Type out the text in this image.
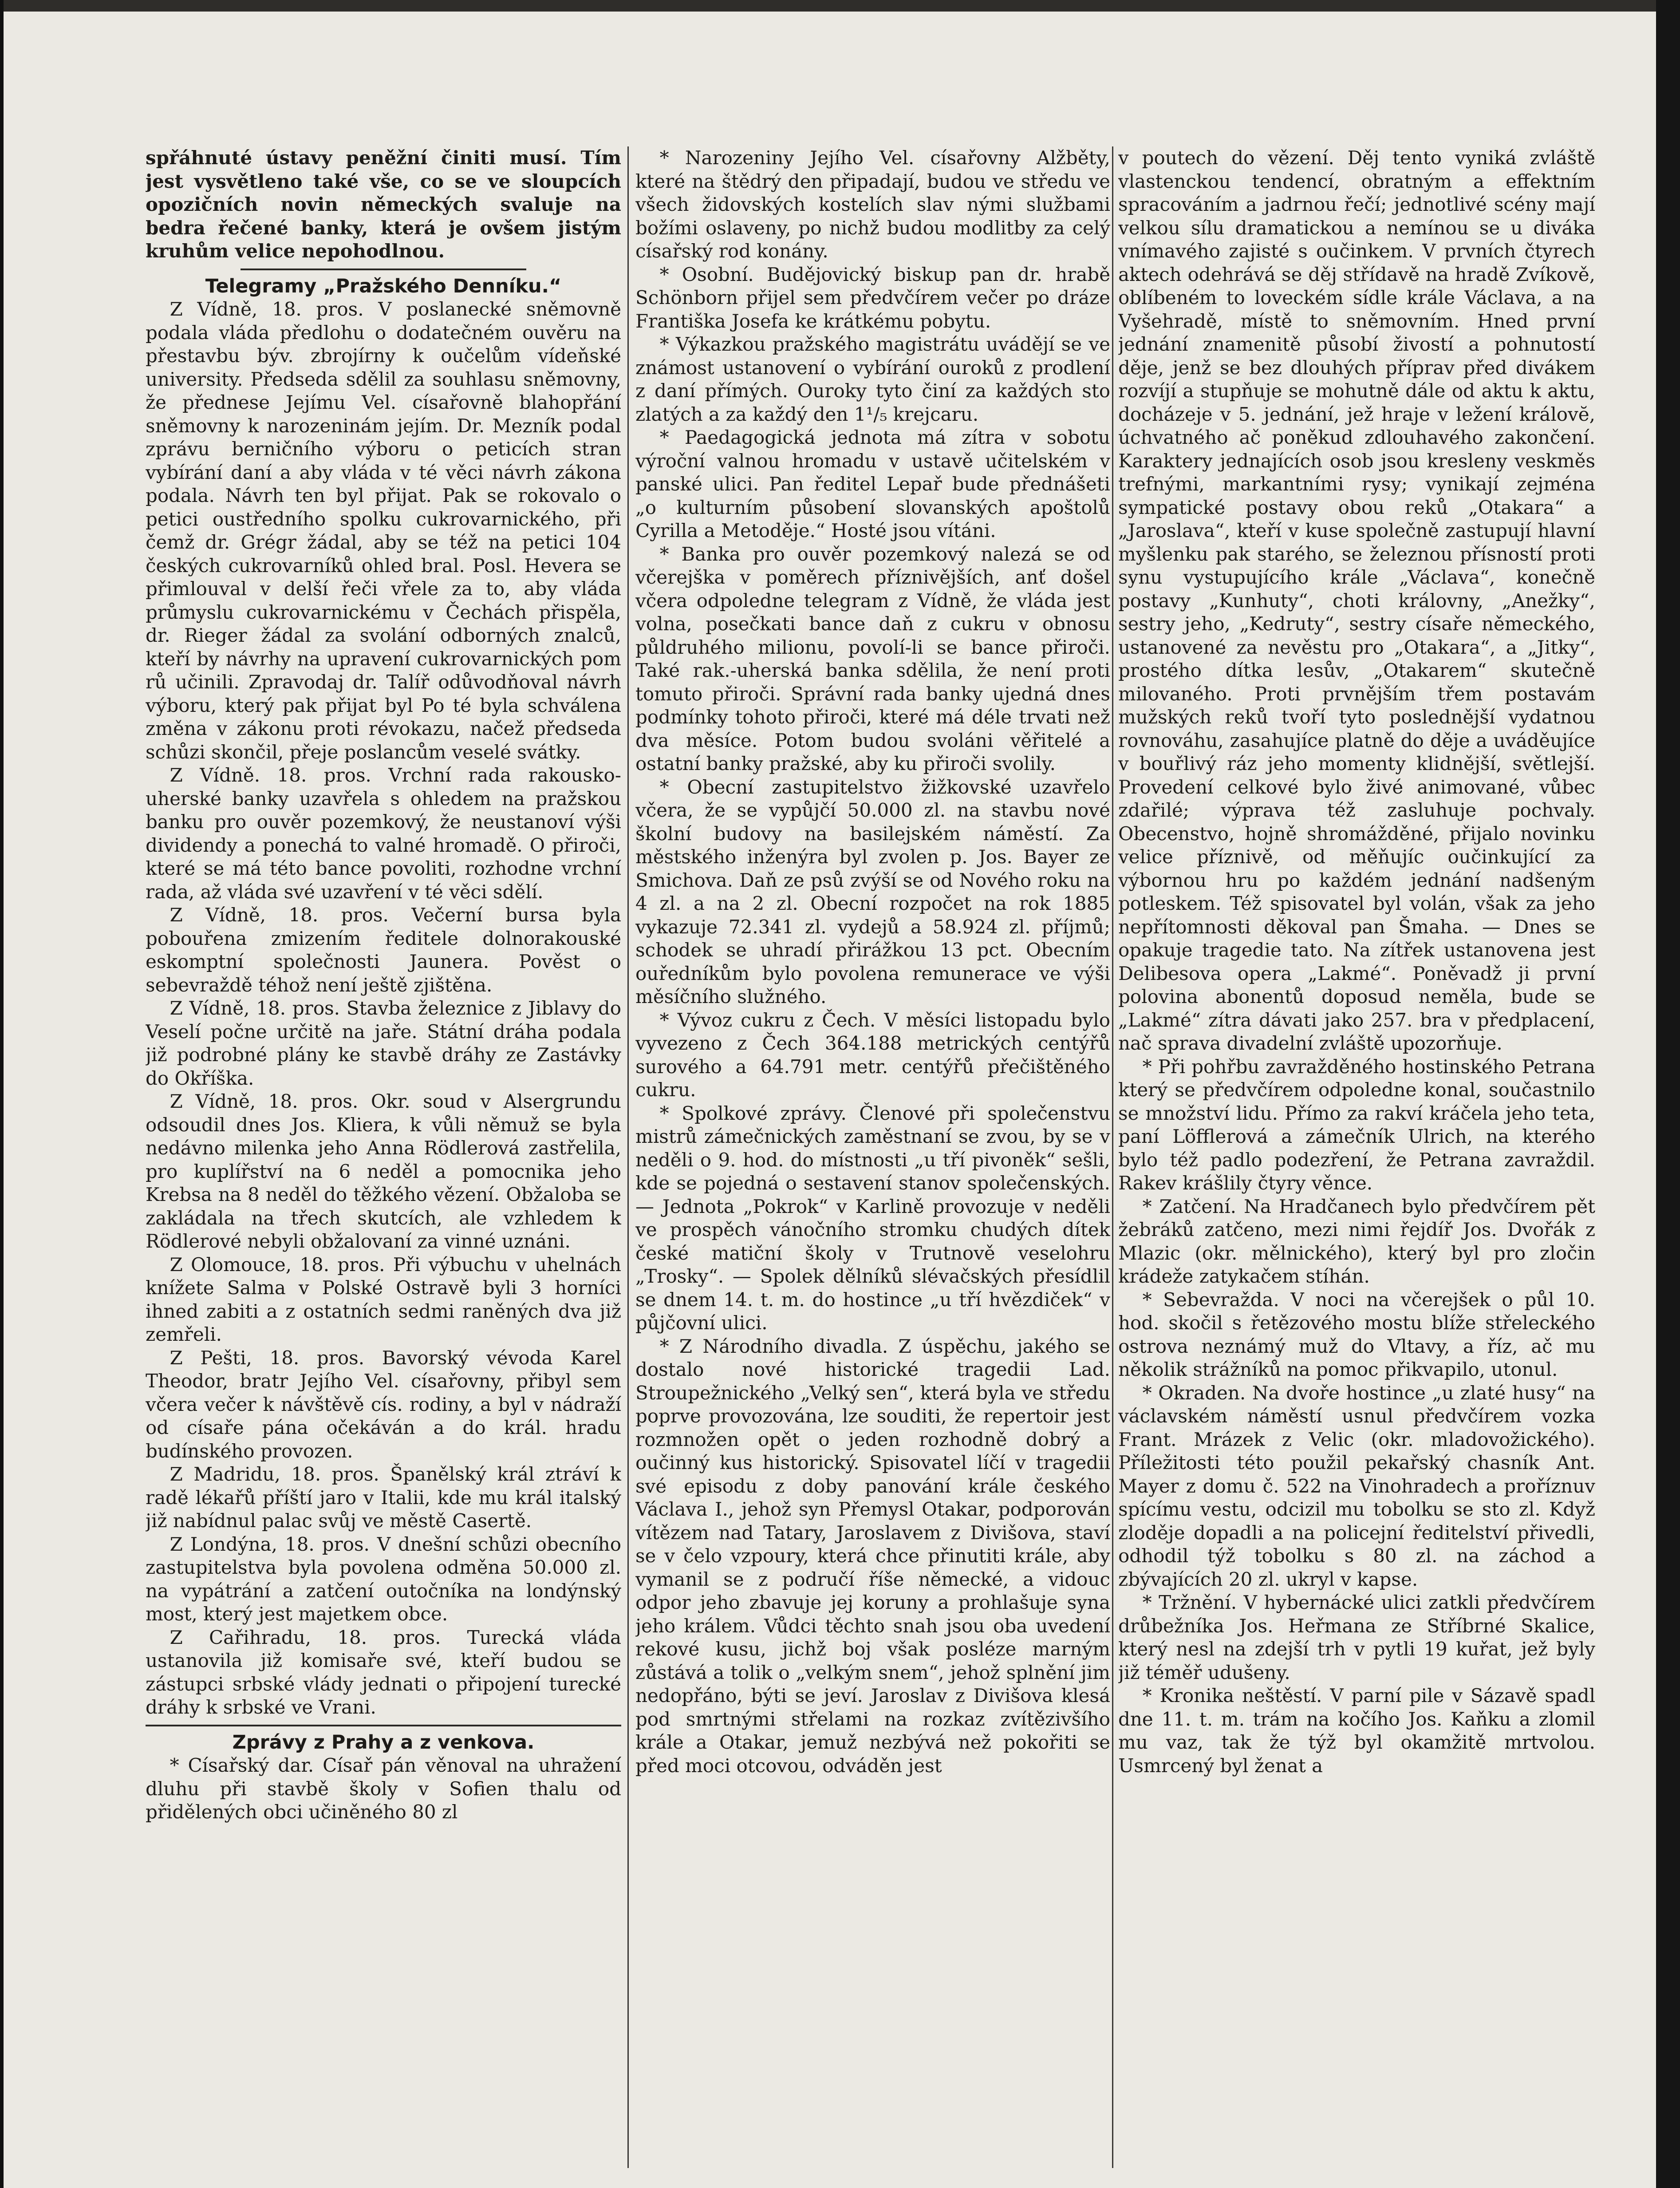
spřáhnuté ústavy peněžní činiti musí. Tím jest vysvětleno také vše, co se ve sloupcích opozičních novin německých svaluje na bedra řečené banky, která je ovšem jistým kruhům velice nepohodlnou.

Telegramy „Pražského Denníku.“

Z Vídně, 18. pros. V poslanecké sněmovně podala vláda předlohu o dodatečném ouvěru na přestavbu býv. zbrojírny k oučelům vídeňské university. Předseda sdělil za souhlasu sněmovny, že přednese Jejímu Vel. císařovně blahopřání sněmovny k narozeninám jejím. Dr. Mezník podal zprávu berničního výboru o peticích stran vybírání daní a aby vláda v té věci návrh zákona podala. Návrh ten byl přijat. Pak se rokovalo o petici oustředního spolku cukrovarnického, při čemž dr. Grégr žádal, aby se též na petici 104 českých cukrovarníků ohled bral. Posl. Hevera se přimlouval v delší řeči vřele za to, aby vláda průmyslu cukrovarnickému v Čechách přispěla, dr. Rieger žádal za svolání odborných znalců, kteří by návrhy na upravení cukrovarnických pom rů učinili. Zpravodaj dr. Talíř odůvodňoval návrh výboru, který pak přijat byl Po té byla schválena změna v zákonu proti révokazu, načež předseda schůzi skončil, přeje poslancům veselé svátky.

Z Vídně. 18. pros. Vrchní rada rakousko-uherské banky uzavřela s ohledem na pražskou banku pro ouvěr pozemkový, že neustanoví výši dividendy a ponechá to valné hromadě. O přiroči, které se má této bance povoliti, rozhodne vrchní rada, až vláda své uzavření v té věci sdělí.

Z Vídně, 18. pros. Večerní bursa byla pobouřena zmizením ředitele dolnorakouské eskomptní společnosti Jaunera. Pověst o sebevraždě téhož není ještě zjištěna.

Z Vídně, 18. pros. Stavba železnice z Jiblavy do Veselí počne určitě na jaře. Státní dráha podala již podrobné plány ke stavbě dráhy ze Zastávky do Okříška.

Z Vídně, 18. pros. Okr. soud v Alsergrundu odsoudil dnes Jos. Kliera, k vůli němuž se byla nedávno milenka jeho Anna Rödlerová zastřelila, pro kuplířství na 6 neděl a pomocnika jeho Krebsa na 8 neděl do těžkého vězení. Obžaloba se zakládala na třech skutcích, ale vzhledem k Rödlerové nebyli obžalovaní za vinné uznáni.

Z Olomouce, 18. pros. Při výbuchu v uhelnách knížete Salma v Polské Ostravě byli 3 horníci ihned zabiti a z ostatních sedmi raněných dva již zemřeli.

Z Pešti, 18. pros. Bavorský vévoda Karel Theodor, bratr Jejího Vel. císařovny, přibyl sem včera večer k návštěvě cís. rodiny, a byl v nádraží od císaře pána očekáván a do král. hradu budínského provozen.

Z Madridu, 18. pros. Španělský král ztráví k radě lékařů příští jaro v Italii, kde mu král italský již nabídnul palac svůj ve městě Casertě.

Z Londýna, 18. pros. V dnešní schůzi obecního zastupitelstva byla povolena odměna 50.000 zl. na vypátrání a zatčení outočníka na londýnský most, který jest majetkem obce.

Z Cařihradu, 18. pros. Turecká vláda ustanovila již komisaře své, kteří budou se zástupci srbské vlády jednati o připojení turecké dráhy k srbské ve Vrani.

Zprávy z Prahy a z venkova.

* Císařský dar. Císař pán věnoval na uhražení dluhu při stavbě školy v Sofien thalu od přidělených obci učiněného 80 zl

* Narozeniny Jejího Vel. císařovny Alžběty, které na štědrý den připadají, budou ve středu ve všech židovských kostelích slav nými službami božími oslaveny, po nichž budou modlitby za celý císařský rod konány.

* Osobní. Budějovický biskup pan dr. hrabě Schönborn přijel sem předvčírem večer po dráze Františka Josefa ke krátkému pobytu.

* Výkazkou pražského magistrátu uvádějí se ve známost ustanovení o vybírání ouroků z prodlení z daní přímých. Ouroky tyto činí za každých sto zlatých a za každý den 1¹/₅ krejcaru.

* Paedagogická jednota má zítra v sobotu výroční valnou hromadu v ustavě učitelském v panské ulici. Pan ředitel Lepař bude přednášeti „o kulturním působení slovanských apoštolů Cyrilla a Metoděje.“ Hosté jsou vítáni.

* Banka pro ouvěr pozemkový nalezá se od včerejška v poměrech příznivějších, anť došel včera odpoledne telegram z Vídně, že vláda jest volna, posečkati bance daň z cukru v obnosu půldruhého milionu, povolí-li se bance přiroči. Také rak.-uherská banka sdělila, že není proti tomuto přiroči. Správní rada banky ujedná dnes podmínky tohoto přiroči, které má déle trvati než dva měsíce. Potom budou svoláni věřitelé a ostatní banky pražské, aby ku přiroči svolily.

* Obecní zastupitelstvo žižkovské uzavřelo včera, že se vypůjčí 50.000 zl. na stavbu nové školní budovy na basilejském náměstí. Za městského inženýra byl zvolen p. Jos. Bayer ze Smichova. Daň ze psů zvýší se od Nového roku na 4 zl. a na 2 zl. Obecní rozpočet na rok 1885 vykazuje 72.341 zl. vydejů a 58.924 zl. příjmů; schodek se uhradí přirážkou 13 pct. Obecním ouředníkům bylo povolena remunerace ve výši měsíčního služného.

* Vývoz cukru z Čech. V měsíci listopadu bylo vyvezeno z Čech 364.188 metrických centýřů surového a 64.791 metr. centýřů přečištěného cukru.

* Spolkové zprávy. Členové při společenstvu mistrů zámečnických zaměstnaní se zvou, by se v neděli o 9. hod. do místnosti „u tří pivoněk“ sešli, kde se pojedná o sestavení stanov společenských. — Jednota „Pokrok“ v Karlině provozuje v neděli ve prospěch vánočního stromku chudých dítek české matiční školy v Trutnově veselohru „Trosky“. — Spolek dělníků slévačských přesídlil se dnem 14. t. m. do hostince „u tří hvězdiček“ v půjčovní ulici.

* Z Národního divadla. Z úspěchu, jakého se dostalo nové historické tragedii Lad. Stroupežnického „Velký sen“, která byla ve středu poprve provozována, lze souditi, že repertoir jest rozmnožen opět o jeden rozhodně dobrý a oučinný kus historický. Spisovatel líčí v tragedii své episodu z doby panování krále českého Václava I., jehož syn Přemysl Otakar, podporován vítězem nad Tatary, Jaroslavem z Divišova, staví se v čelo vzpoury, která chce přinutiti krále, aby vymanil se z područí říše německé, a vidouc odpor jeho zbavuje jej koruny a prohlašuje syna jeho králem. Vůdci těchto snah jsou oba uvedení rekové kusu, jichž boj však posléze marným zůstává a tolik o „velkým snem“, jehož splnění jim nedopřáno, býti se jeví. Jaroslav z Divišova klesá pod smrtnými střelami na rozkaz zvítězivšího krále a Otakar, jemuž nezbývá než pokořiti se před moci otcovou, odváděn jest

v poutech do vězení. Děj tento vyniká zvláště vlastenckou tendencí, obratným a effektním spracováním a jadrnou řečí; jednotlivé scény mají velkou sílu dramatickou a nemínou se u diváka vnímavého zajisté s oučinkem. V prvních čtyrech aktech odehrává se děj střídavě na hradě Zvíkově, oblíbeném to loveckém sídle krále Václava, a na Vyšehradě, místě to sněmovním. Hned první jednání znamenitě působí živostí a pohnutostí děje, jenž se bez dlouhých příprav před divákem rozvíjí a stupňuje se mohutně dále od aktu k aktu, docházeje v 5. jednání, jež hraje v ležení královĕ, úchvatného ač poněkud zdlouhavého zakončení. Karaktery jednajících osob jsou kresleny veskměs trefnými, markantními rysy; vynikají zejména sympatické postavy obou reků „Otakara“ a „Jaroslava“, kteří v kuse společně zastupují hlavní myšlenku pak starého, se železnou přísností proti synu vystupujícího krále „Václava“, konečně postavy „Kunhuty“, choti královny, „Anežky“, sestry jeho, „Kedruty“, sestry císaře německého, ustanovené za nevěstu pro „Otakara“, a „Jitky“, prostého dítka lesův, „Otakarem“ skutečně milovaného. Proti prvnějším třem postavám mužských reků tvoří tyto poslednější vydatnou rovnováhu, zasahujíce platně do děje a uváděujíce v bouřlivý ráz jeho momenty klidnější, světlejší. Provedení celkové bylo živé animované, vůbec zdařilé; výprava též zasluhuje pochvaly. Obecenstvo, hojně shromážděné, přijalo novinku velice příznivě, od měňujíc oučinkující za výbornou hru po každém jednání nadšeným potleskem. Též spisovatel byl volán, však za jeho nepřítomnosti děkoval pan Šmaha. — Dnes se opakuje tragedie tato. Na zítřek ustanovena jest Delibesova opera „Lakmé“. Poněvadž ji první polovina abonentů doposud neměla, bude se „Lakmé“ zítra dávati jako 257. bra v předplacení, nač sprava divadelní zvláště upozorňuje.

* Při pohřbu zavražděného hostinského Petrana který se předvčírem odpoledne konal, součastnilo se množství lidu. Přímo za rakví kráčela jeho teta, paní Löfflerová a zámečník Ulrich, na kterého bylo též padlo podezření, že Petrana zavraždil. Rakev krášlily čtyry věnce.

* Zatčení. Na Hradčanech bylo předvčírem pět žebráků zatčeno, mezi nimi řejdíř Jos. Dvořák z Mlazic (okr. mělnického), který byl pro zločin krádeže zatykačem stíhán.

* Sebevražda. V noci na včerejšek o půl 10. hod. skočil s řetězového mostu blíže střeleckého ostrova neznámý muž do Vltavy, a říz, ač mu několik strážníků na pomoc přikvapilo, utonul.

* Okraden. Na dvoře hostince „u zlaté husy“ na václavském náměstí usnul předvčírem vozka Frant. Mrázek z Velic (okr. mladovožického). Příležitosti této použil pekařský chasník Ant. Mayer z domu č. 522 na Vinohradech a proříznuv spícímu vestu, odcizil mu tobolku se sto zl. Když zloděje dopadli a na policejní ředitelství přivedli, odhodil týž tobolku s 80 zl. na záchod a zbývajících 20 zl. ukryl v kapse.

* Tržnění. V hybernácké ulici zatkli předvčírem drůbežníka Jos. Heřmana ze Stříbrné Skalice, který nesl na zdejší trh v pytli 19 kuřat, jež byly již téměř udušeny.

* Kronika neštěstí. V parní pile v Sázavě spadl dne 11. t. m. trám na kočího Jos. Kaňku a zlomil mu vaz, tak že týž byl okamžitě mrtvolou. Usmrcený byl ženat a
